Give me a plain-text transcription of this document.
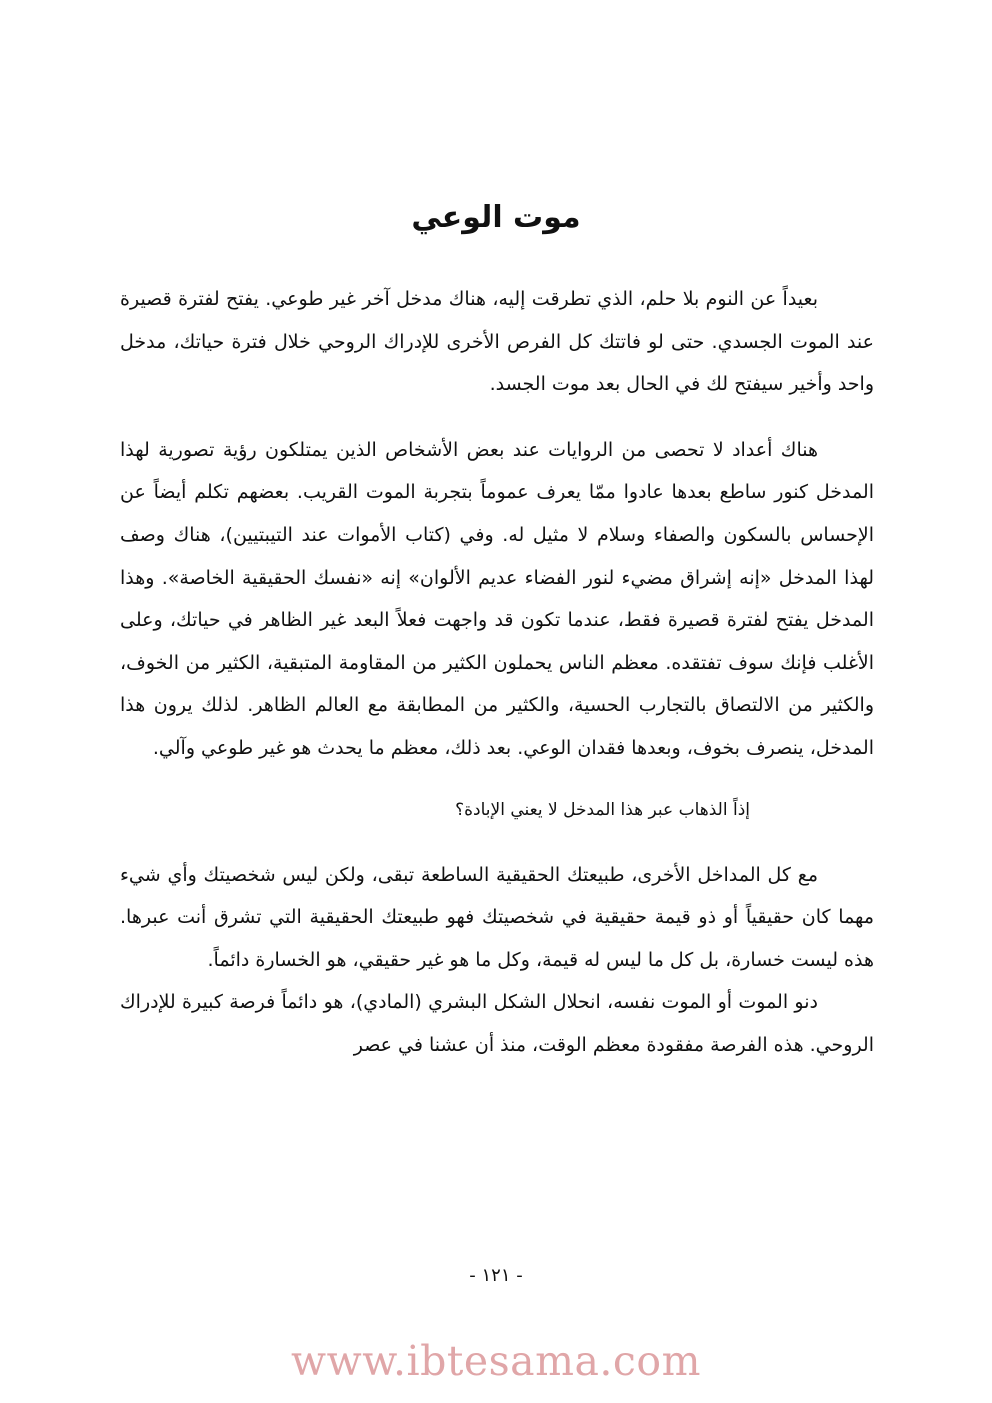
موت الوعي

بعيداً عن النوم بلا حلم، الذي تطرقت إليه، هناك مدخل آخر غير طوعي. يفتح لفترة قصيرة عند الموت الجسدي. حتى لو فاتتك كل الفرص الأخرى للإدراك الروحي خلال فترة حياتك، مدخل واحد وأخير سيفتح لك في الحال بعد موت الجسد.

هناك أعداد لا تحصى من الروايات عند بعض الأشخاص الذين يمتلكون رؤية تصورية لهذا المدخل كنور ساطع بعدها عادوا ممّا يعرف عموماً بتجربة الموت القريب. بعضهم تكلم أيضاً عن الإحساس بالسكون والصفاء وسلام لا مثيل له. وفي (كتاب الأموات عند التيبتيين)، هناك وصف لهذا المدخل «إنه إشراق مضيء لنور الفضاء عديم الألوان» إنه «نفسك الحقيقية الخاصة». وهذا المدخل يفتح لفترة قصيرة فقط، عندما تكون قد واجهت فعلاً البعد غير الظاهر في حياتك، وعلى الأغلب فإنك سوف تفتقده. معظم الناس يحملون الكثير من المقاومة المتبقية، الكثير من الخوف، والكثير من الالتصاق بالتجارب الحسية، والكثير من المطابقة مع العالم الظاهر. لذلك يرون هذا المدخل، ينصرف بخوف، وبعدها فقدان الوعي. بعد ذلك، معظم ما يحدث هو غير طوعي وآلي.

إذاً الذهاب عبر هذا المدخل لا يعني الإبادة؟

مع كل المداخل الأخرى، طبيعتك الحقيقية الساطعة تبقى، ولكن ليس شخصيتك وأي شيء مهما كان حقيقياً أو ذو قيمة حقيقية في شخصيتك فهو طبيعتك الحقيقية التي تشرق أنت عبرها. هذه ليست خسارة، بل كل ما ليس له قيمة، وكل ما هو غير حقيقي، هو الخسارة دائماً.

دنو الموت أو الموت نفسه، انحلال الشكل البشري (المادي)، هو دائماً فرصة كبيرة للإدراك الروحي. هذه الفرصة مفقودة معظم الوقت، منذ أن عشنا في عصر

- ١٢١ -
www.ibtesama.com
